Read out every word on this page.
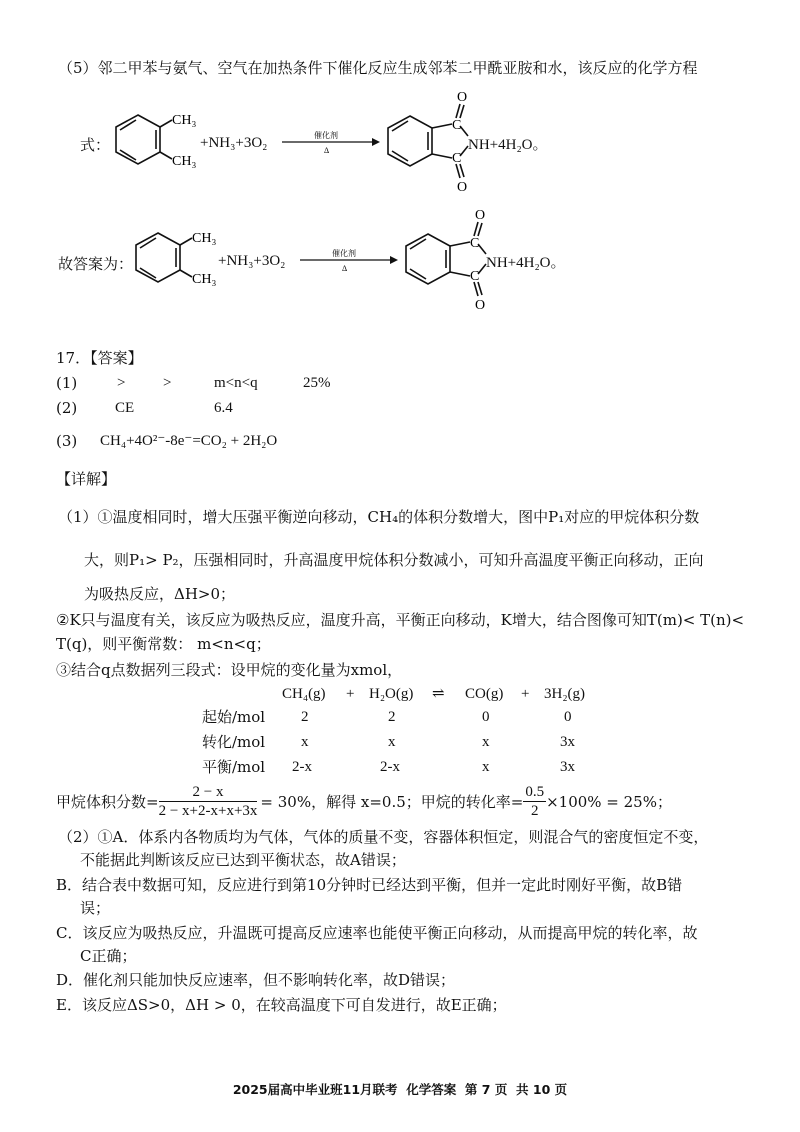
（5）邻二甲苯与氨气、空气在加热条件下催化反应生成邻苯二甲酰亚胺和水，该反应的化学方程
式：
CH₃
CH₃
+NH₃+3O₂	催化剂
Δ
C
C
O
O
NH+4H₂O。
故答案为：
CH₃
CH₃
+NH₃+3O₂	催化剂
Δ
C
C
O
O
NH+4H₂O。
17．【答案】
(1)	>	>	m<n<q	25%
(2)	CE	6.4
(3) CH₄+4O²⁻-8e⁻=CO₂ + 2H₂O
【详解】
（1）①温度相同时，增大压强平衡逆向移动，CH₄的体积分数增大，图中P₁对应的甲烷体积分数
大，则P₁> P₂，压强相同时，升高温度甲烷体积分数减小，可知升高温度平衡正向移动，正向
为吸热反应，ΔH>0；
②K只与温度有关，该反应为吸热反应，温度升高，平衡正向移动，K增大，结合图像可知T(m)< T(n)<
T(q)，则平衡常数： m<n<q；
③结合q点数据列三段式：设甲烷的变化量为xmol，
CH₄(g) + H₂O(g) ⇌ CO(g) + 3H₂(g)
起始/mol 2	2	0	0
转化/mol x	x	x	3x
平衡/mol 2-x	2-x	x	3x
甲烷体积分数= $\frac{2 - x}{2 - x+2-x+x+3x} = 30\%$，解得 x=0.5；甲烷的转化率= $\frac{0.5}{2} \times 100\% = 25\%$；
（2）①A．体系内各物质均为气体，气体的质量不变，容器体积恒定，则混合气的密度恒定不变，
不能据此判断该反应已达到平衡状态，故A错误；
B．结合表中数据可知，反应进行到第10分钟时已经达到平衡，但并一定此时刚好平衡，故B错
误；
C．该反应为吸热反应，升温既可提高反应速率也能使平衡正向移动，从而提高甲烷的转化率，故
C正确；
D．催化剂只能加快反应速率，但不影响转化率，故D错误；
E．该反应ΔS>0，ΔH > 0，在较高温度下可自发进行，故E正确；
2025届高中毕业班11月联考  化学答案  第 7 页  共 10 页
